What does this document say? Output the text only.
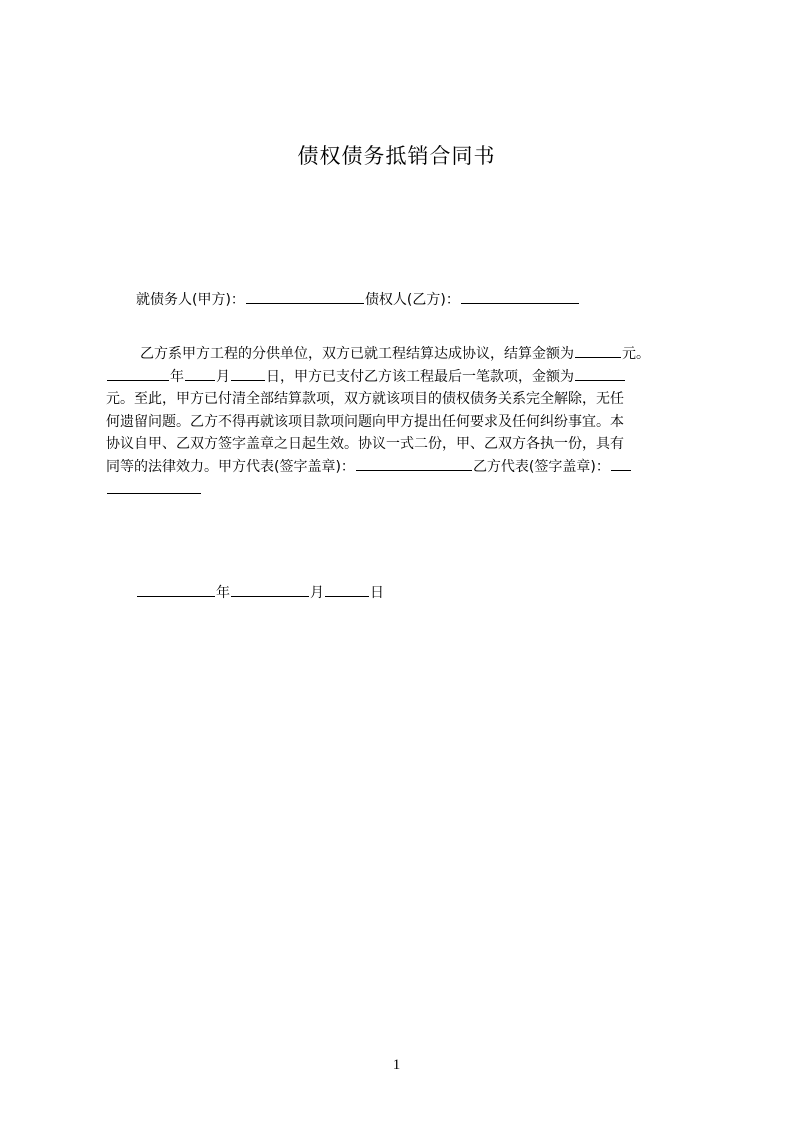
债权债务抵销合同书
就债务人(甲方)：	债权人(乙方)：
乙方系甲方工程的分供单位，双方已就工程结算达成协议，结算金额为	元。
年 月	日，甲方已支付乙方该工程最后一笔款项，金额为
元。至此，甲方已付清全部结算款项，双方就该项目的债权债务关系完全解除，无任
何遗留问题。乙方不得再就该项目款项问题向甲方提出任何要求及任何纠纷事宜。本
协议自甲、乙双方签字盖章之日起生效。协议一式二份，甲、乙双方各执一份，具有
同等的法律效力。甲方代表(签字盖章)：	乙方代表(签字盖章)：
年	月	日
1
